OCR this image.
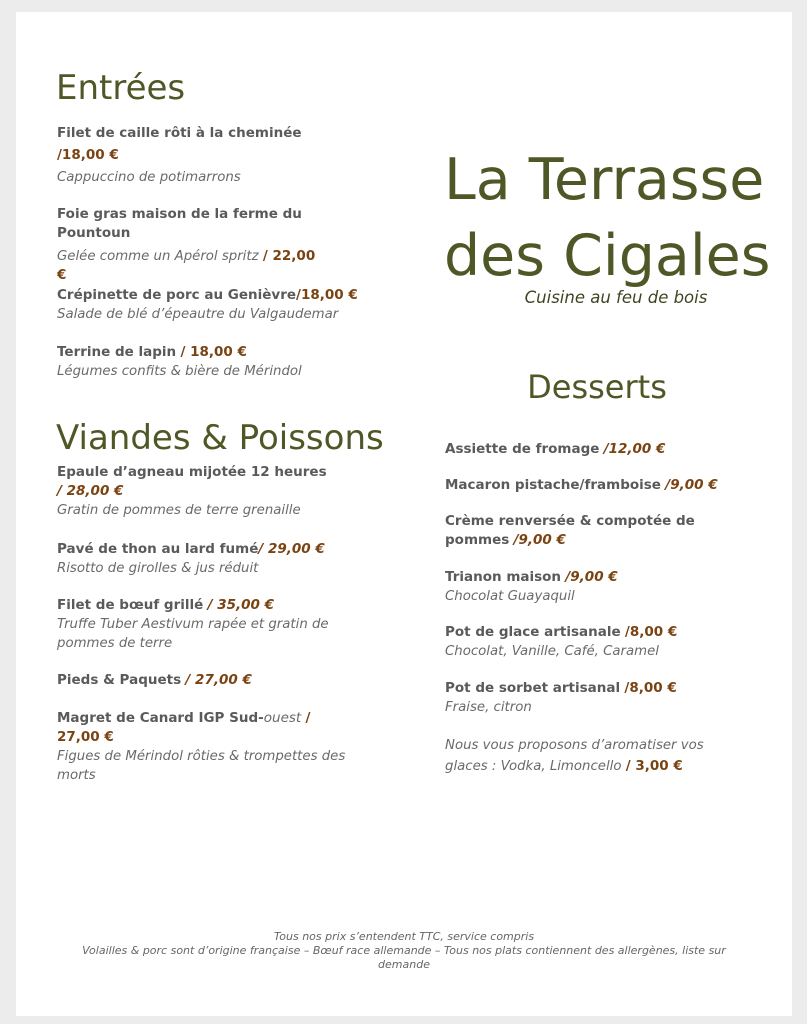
Entrées
Filet de caille rôti à la cheminée
/18,00 €
Cappuccino de potimarrons
Foie gras maison de la ferme du Pountoun
Gelée comme un Apérol spritz / 22,00 €
Crépinette de porc au Genièvre/18,00 €
Salade de blé d’épeautre du Valgaudemar
Terrine de lapin / 18,00 €
Légumes confits & bière de Mérindol
Viandes & Poissons
Epaule d’agneau mijotée 12 heures
/ 28,00 €
Gratin de pommes de terre grenaille
Pavé de thon au lard fumé/ 29,00 €
Risotto de girolles & jus réduit
Filet de bœuf grillé / 35,00 €
Truffe Tuber Aestivum rapée et gratin de pommes de terre
Pieds & Paquets / 27,00 €
Magret de Canard IGP Sud-ouest /
27,00 €
Figues de Mérindol rôties & trompettes des morts
La Terrasse
des Cigales
Cuisine au feu de bois
Desserts
Assiette de fromage /12,00 €
Macaron pistache/framboise /9,00 €
Crème renversée & compotée de pommes /9,00 €
Trianon maison /9,00 €
Chocolat Guayaquil
Pot de glace artisanale /8,00 €
Chocolat, Vanille, Café, Caramel
Pot de sorbet artisanal /8,00 €
Fraise, citron
Nous vous proposons d’aromatiser vos glaces : Vodka, Limoncello / 3,00 €
Tous nos prix s’entendent TTC, service compris
Volailles & porc sont d’origine française – Bœuf race allemande – Tous nos plats contiennent des allergènes, liste sur demande
